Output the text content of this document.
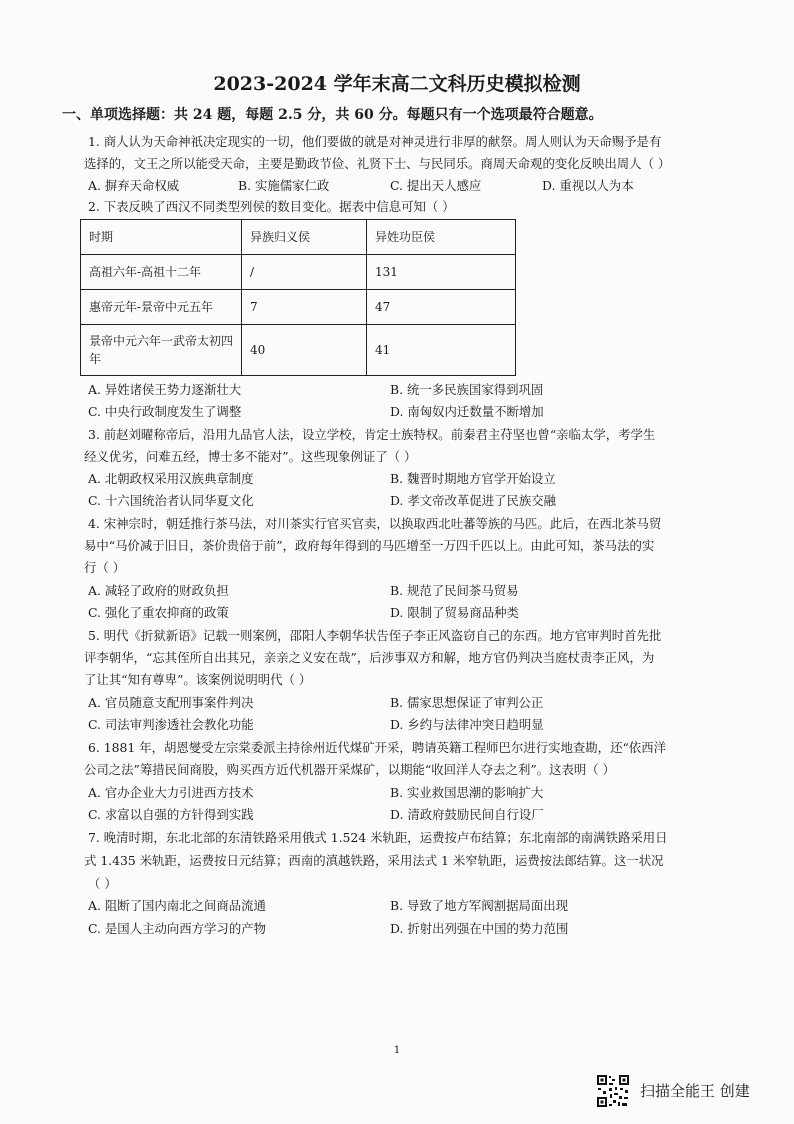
2023-2024 学年末高二文科历史模拟检测
一、单项选择题：共 24 题，每题 2.5 分，共 60 分。每题只有一个选项最符合题意。
1. 商人认为天命神祇决定现实的一切，他们要做的就是对神灵进行非厚的献祭。周人则认为天命赐予是有
选择的，文王之所以能受天命，主要是勤政节俭、礼贤下士、与民同乐。商周天命观的变化反映出周人（ ）
A. 摒弃天命权威	B. 实施儒家仁政	C. 提出天人感应	D. 重视以人为本
2. 下表反映了西汉不同类型列侯的数目变化。据表中信息可知（ ）
时期	异族归义侯	异姓功臣侯
高祖六年-高祖十二年	/	131
惠帝元年-景帝中元五年	7	47
景帝中元六年一武帝太初四年	40	41
A. 异姓诸侯王势力逐渐壮大	B. 统一多民族国家得到巩固
C. 中央行政制度发生了调整	D. 南匈奴内迁数量不断增加
3. 前赵刘曜称帝后，沿用九品官人法，设立学校，肯定士族特权。前秦君主苻坚也曾“亲临太学，考学生
经义优劣，问难五经，博士多不能对”。这些现象例证了（ ）
A. 北朝政权采用汉族典章制度	B. 魏晋时期地方官学开始设立
C. 十六国统治者认同华夏文化	D. 孝文帝改革促进了民族交融
4. 宋神宗时，朝廷推行茶马法，对川茶实行官买官卖，以换取西北吐蕃等族的马匹。此后，在西北茶马贸
易中“马价减于旧日，茶价贵倍于前”，政府每年得到的马匹增至一万四千匹以上。由此可知，茶马法的实
行（ ）
A. 减轻了政府的财政负担	B. 规范了民间茶马贸易
C. 强化了重农抑商的政策	D. 限制了贸易商品种类
5. 明代《折狱新语》记载一则案例，邵阳人李朝华状告侄子李正风盗窃自己的东西。地方官审判时首先批
评李朝华，“忘其侄所自出其兄，亲亲之义安在哉”，后涉事双方和解，地方官仍判决当庭杖责李正风，为
了让其“知有尊卑”。该案例说明明代（ ）
A. 官员随意支配刑事案件判决	B. 儒家思想保证了审判公正
C. 司法审判渗透社会教化功能	D. 乡约与法律冲突日趋明显
6. 1881 年，胡恩燮受左宗棠委派主持徐州近代煤矿开采，聘请英籍工程师巴尔进行实地查勘，还“依西洋
公司之法”筹措民间商股，购买西方近代机器开采煤矿，以期能“收回洋人夺去之利”。这表明（ ）
A. 官办企业大力引进西方技术	B. 实业救国思潮的影响扩大
C. 求富以自强的方针得到实践	D. 清政府鼓励民间自行设厂
7. 晚清时期，东北北部的东清铁路采用俄式 1.524 米轨距，运费按卢布结算；东北南部的南满铁路采用日
式 1.435 米轨距，运费按日元结算；西南的滇越铁路，采用法式 1 米窄轨距，运费按法郎结算。这一状况
（ ）
A. 阻断了国内南北之间商品流通	B. 导致了地方军阀割据局面出现
C. 是国人主动向西方学习的产物	D. 折射出列强在中国的势力范围
1
扫描全能王 创建
